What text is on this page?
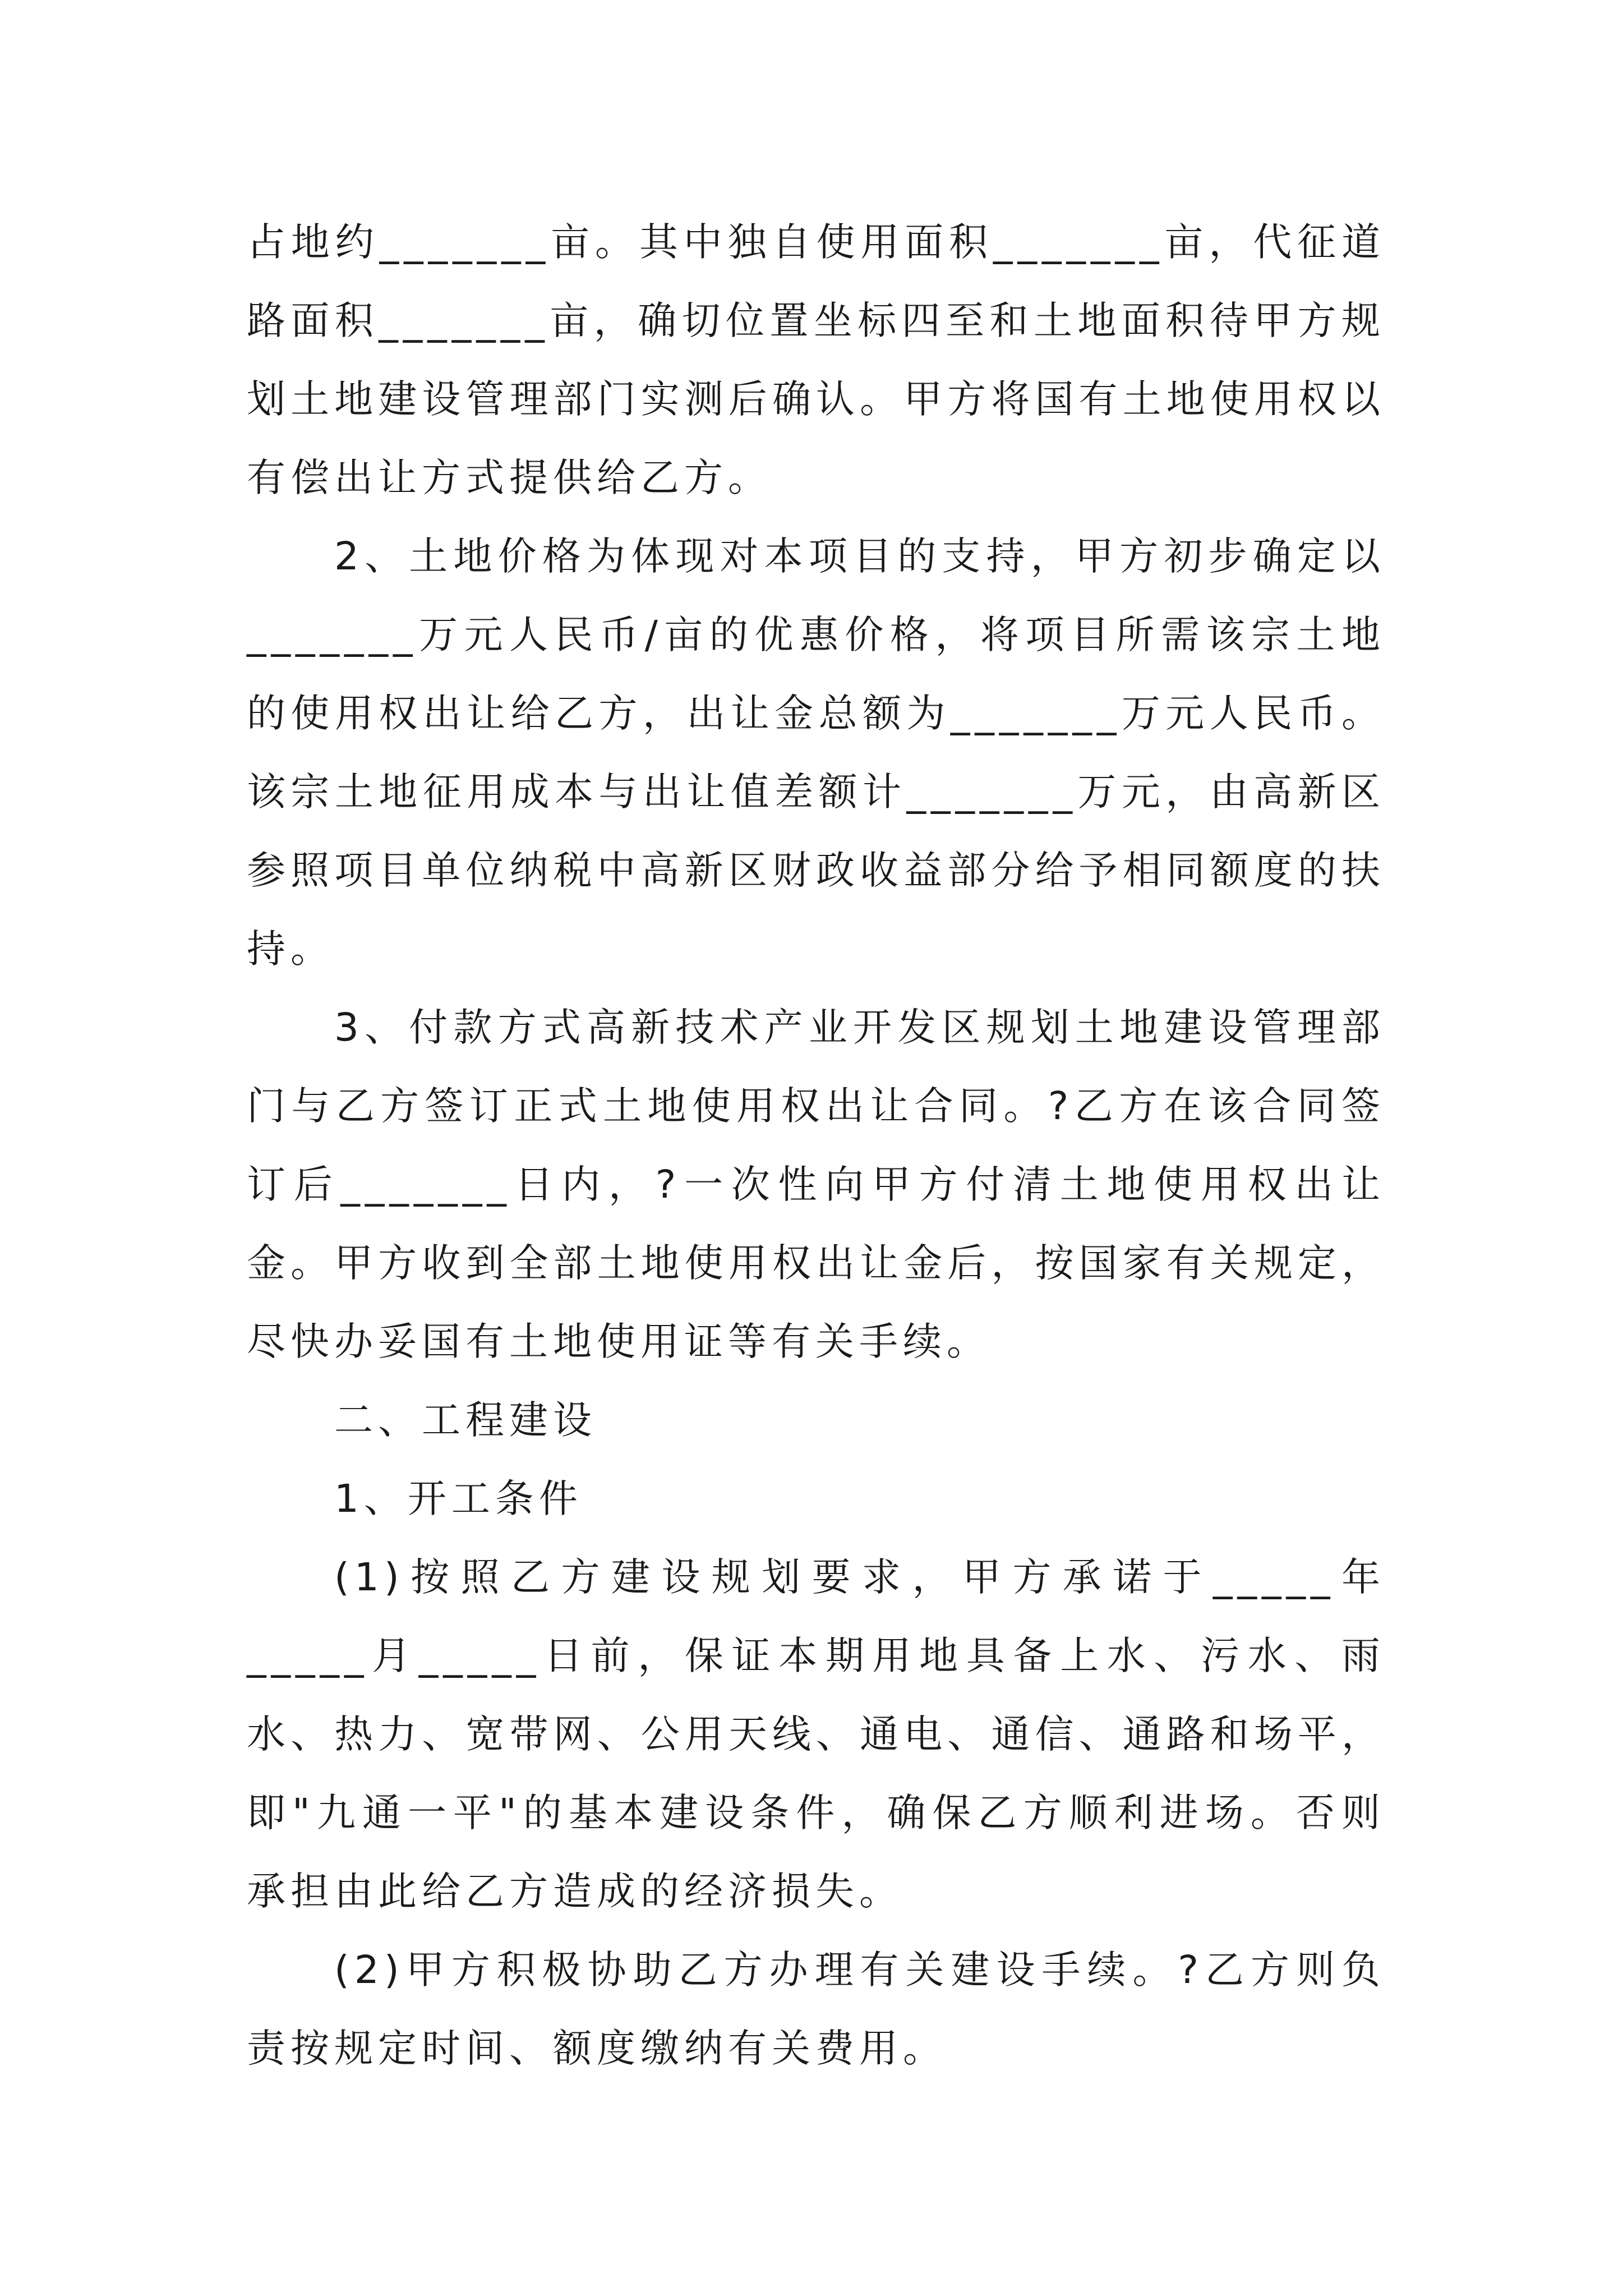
占地约_______亩。其中独自使用面积_______亩，代征道路面积_______亩，确切位置坐标四至和土地面积待甲方规划土地建设管理部门实测后确认。甲方将国有土地使用权以有偿出让方式提供给乙方。

2、土地价格为体现对本项目的支持，甲方初步确定以_______万元人民币/亩的优惠价格，将项目所需该宗土地的使用权出让给乙方，出让金总额为_______万元人民币。该宗土地征用成本与出让值差额计_______万元，由高新区参照项目单位纳税中高新区财政收益部分给予相同额度的扶持。

3、付款方式高新技术产业开发区规划土地建设管理部门与乙方签订正式土地使用权出让合同。?乙方在该合同签订后_______日内，?一次性向甲方付清土地使用权出让金。甲方收到全部土地使用权出让金后，按国家有关规定，尽快办妥国有土地使用证等有关手续。

二、工程建设

1、开工条件

(1)按照乙方建设规划要求，甲方承诺于_____年_____月_____日前，保证本期用地具备上水、污水、雨水、热力、宽带网、公用天线、通电、通信、通路和场平，即"九通一平"的基本建设条件，确保乙方顺利进场。否则承担由此给乙方造成的经济损失。

(2)甲方积极协助乙方办理有关建设手续。?乙方则负责按规定时间、额度缴纳有关费用。
